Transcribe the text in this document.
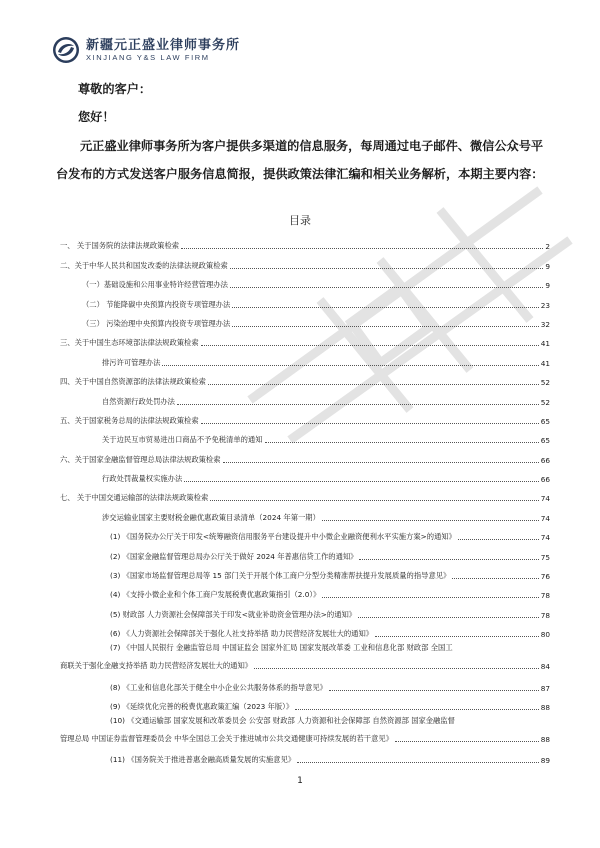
新疆元正盛业律师事务所
XINJIANG Y&S LAW FIRM
尊敬的客户：
您好！
元正盛业律师事务所为客户提供多渠道的信息服务，每周通过电子邮件、微信公众号平台发布的方式发送客户服务信息简报，提供政策法律汇编和相关业务解析，本期主要内容：
目录
一、 关于国务院的法律法规政策检索	2
二、关于中华人民共和国发改委的法律法规政策检索	9
（一）基础设施和公用事业特许经营管理办法	9
（二） 节能降碳中央预算内投资专项管理办法	23
（三） 污染治理中央预算内投资专项管理办法	32
三、关于中国生态环境部法律法规政策检索	41
排污许可管理办法	41
四、关于中国自然资源部的法律法规政策检索	52
自然资源行政处罚办法	52
五、关于国家税务总局的法律法规政策检索	65
关于边民互市贸易进出口商品不予免税清单的通知	65
六、关于国家金融监督管理总局法律法规政策检索	66
行政处罚裁量权实施办法	66
七、 关于中国交通运输部的法律法规政策检索	74
涉交运输业国家主要财税金融优惠政策目录清单（2024 年第一期）	74
(1) 《国务院办公厅关于印发<统筹融资信用服务平台建设提升中小微企业融资便利水平实施方案>的通知》	74
(2) 《国家金融监督管理总局办公厅关于做好 2024 年普惠信贷工作的通知》	75
(3) 《国家市场监督管理总局等 15 部门关于开展个体工商户分型分类精准帮扶提升发展质量的指导意见》	76
(4) 《支持小微企业和个体工商户发展税费优惠政策指引（2.0）》	78
(5) 财政部 人力资源社会保障部关于印发<就业补助资金管理办法>的通知》	78
(6) 《人力资源社会保障部关于强化人社支持举措 助力民营经济发展壮大的通知》	80
(7) 《中国人民银行 金融监管总局 中国证监会 国家外汇局 国家发展改革委 工业和信息化部 财政部 全国工
商联关于强化金融支持举措 助力民营经济发展壮大的通知》	84
(8) 《工业和信息化部关于健全中小企业公共服务体系的指导意见》	87
(9) 《延续优化完善的税费优惠政策汇编（2023 年版）》	88
(10) 《交通运输部 国家发展和改革委员会 公安部 财政部 人力资源和社会保障部 自然资源部 国家金融监督
管理总局 中国证券监督管理委员会 中华全国总工会关于推进城市公共交通健康可持续发展的若干意见》	88
(11) 《国务院关于推进普惠金融高质量发展的实施意见》	89
1
